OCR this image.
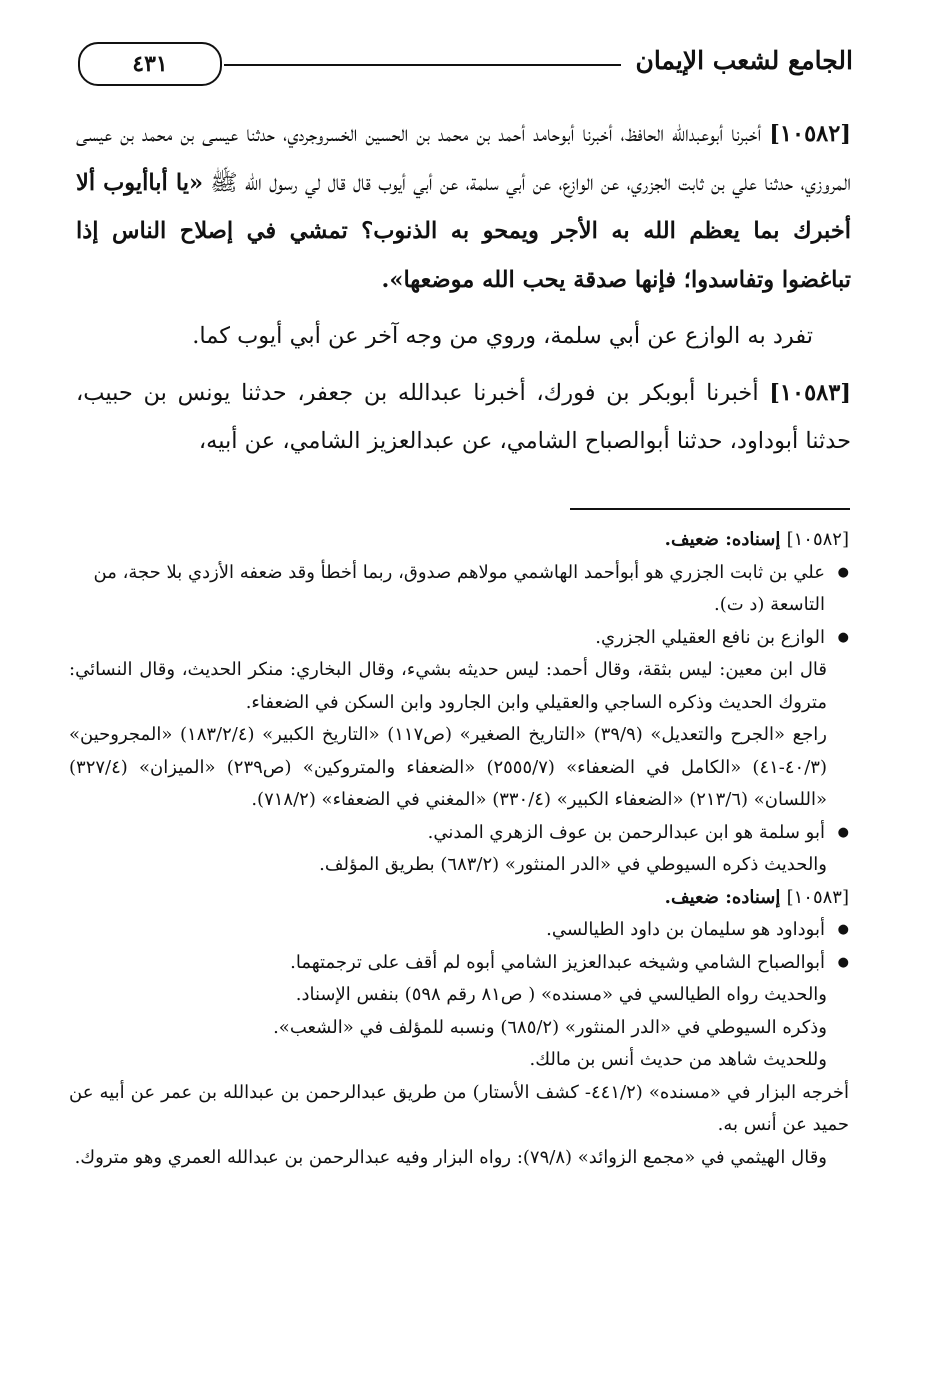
الجامع لشعب الإيمان
٤٣١

[١٠٥٨٢] أخبرنا أبوعبدالله الحافظ، أخبرنا أبوحامد أحمد بن محمد بن الحسين الخسروجردي، حدثنا عيسى بن محمد بن عيسى المروزي، حدثنا علي بن ثابت الجزري، عن الوازع، عن أبي سلمة، عن أبي أيوب قال قال لي رسول الله ﷺ «يا أباأيوب ألا أخبرك بما يعظم الله به الأجر ويمحو به الذنوب؟ تمشي في إصلاح الناس إذا تباغضوا وتفاسدوا؛ فإنها صدقة يحب الله موضعها».

تفرد به الوازع عن أبي سلمة، وروي من وجه آخر عن أبي أيوب كما.

[١٠٥٨٣] أخبرنا أبوبكر بن فورك، أخبرنا عبدالله بن جعفر، حدثنا يونس بن حبيب، حدثنا أبوداود، حدثنا أبوالصباح الشامي، عن عبدالعزيز الشامي، عن أبيه،

[١٠٥٨٢] إسناده: ضعيف.

● علي بن ثابت الجزري هو أبوأحمد الهاشمي مولاهم صدوق، ربما أخطأ وقد ضعفه الأزدي بلا حجة، من التاسعة (د ت).

● الوازع بن نافع العقيلي الجزري.

قال ابن معين: ليس بثقة، وقال أحمد: ليس حديثه بشيء، وقال البخاري: منكر الحديث، وقال النسائي: متروك الحديث وذكره الساجي والعقيلي وابن الجارود وابن السكن في الضعفاء.

راجع «الجرح والتعديل» (٣٩/٩) «التاريخ الصغير» (ص١١٧) «التاريخ الكبير» (١٨٣/٢/٤) «المجروحين» (٤٠/٣-٤١) «الكامل في الضعفاء» (٢٥٥٥/٧) «الضعفاء والمتروكين» (ص٢٣٩) «الميزان» (٣٢٧/٤) «اللسان» (٢١٣/٦) «الضعفاء الكبير» (٣٣٠/٤) «المغني في الضعفاء» (٧١٨/٢).

● أبو سلمة هو ابن عبدالرحمن بن عوف الزهري المدني.

والحديث ذكره السيوطي في «الدر المنثور» (٦٨٣/٢) بطريق المؤلف.

[١٠٥٨٣] إسناده: ضعيف.

● أبوداود هو سليمان بن داود الطيالسي.

● أبوالصباح الشامي وشيخه عبدالعزيز الشامي أبوه لم أقف على ترجمتهما.

والحديث رواه الطيالسي في «مسنده» ( ص٨١ رقم ٥٩٨) بنفس الإسناد.

وذكره السيوطي في «الدر المنثور» (٦٨٥/٢) ونسبه للمؤلف في «الشعب».

وللحديث شاهد من حديث أنس بن مالك.

أخرجه البزار في «مسنده» (٤٤١/٢- كشف الأستار) من طريق عبدالرحمن بن عبدالله بن عمر عن أبيه عن حميد عن أنس به.

وقال الهيثمي في «مجمع الزوائد» (٧٩/٨): رواه البزار وفيه عبدالرحمن بن عبدالله العمري وهو متروك.
